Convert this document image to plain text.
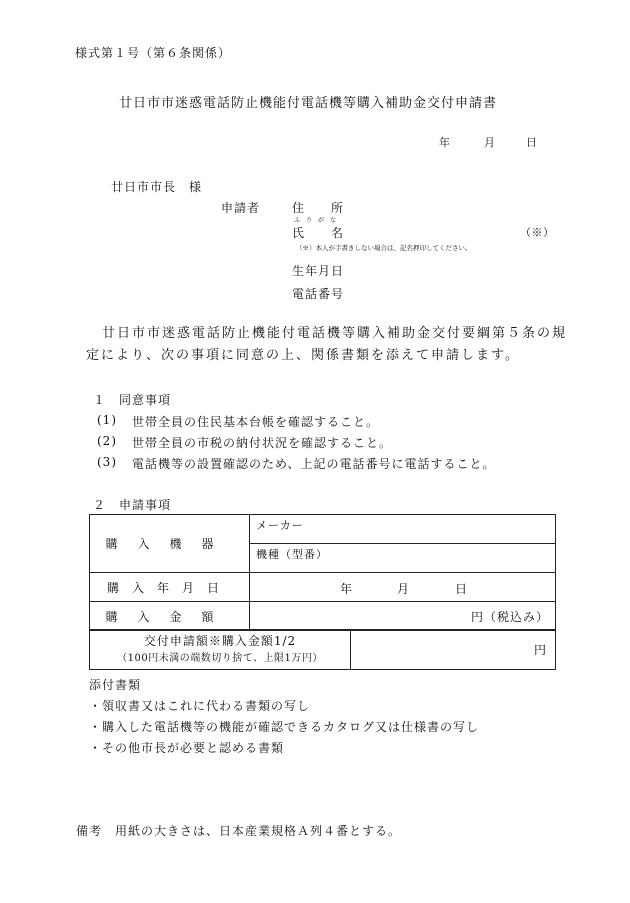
様式第１号（第６条関係）
廿日市市迷惑電話防止機能付電話機等購入補助金交付申請書
年	月	日
廿日市市長　様
申請者	住　　所
ふ　り　が　な
氏　　名	（※）
（※）本人が手書きしない場合は、記名押印してください。
生年月日
電話番号
廿日市市迷惑電話防止機能付電話機等購入補助金交付要綱第５条の規
定により、次の事項に同意の上、関係書類を添えて申請します。
１　同意事項
(1) 世帯全員の住民基本台帳を確認すること。
(2) 世帯全員の市税の納付状況を確認すること。
(3) 電話機等の設置確認のため、上記の電話番号に電話すること。
２　申請事項
購入機器	メーカー
	機種（型番）
購入年月日	年 月 日

購入金額	円（税込み）
交付申請額※購入金額1/2
（100円未満の端数切り捨て、上限1万円）
	円
添付書類
・領収書又はこれに代わる書類の写し
・購入した電話機等の機能が確認できるカタログ又は仕様書の写し
・その他市長が必要と認める書類
備考　用紙の大きさは、日本産業規格Ａ列４番とする。
